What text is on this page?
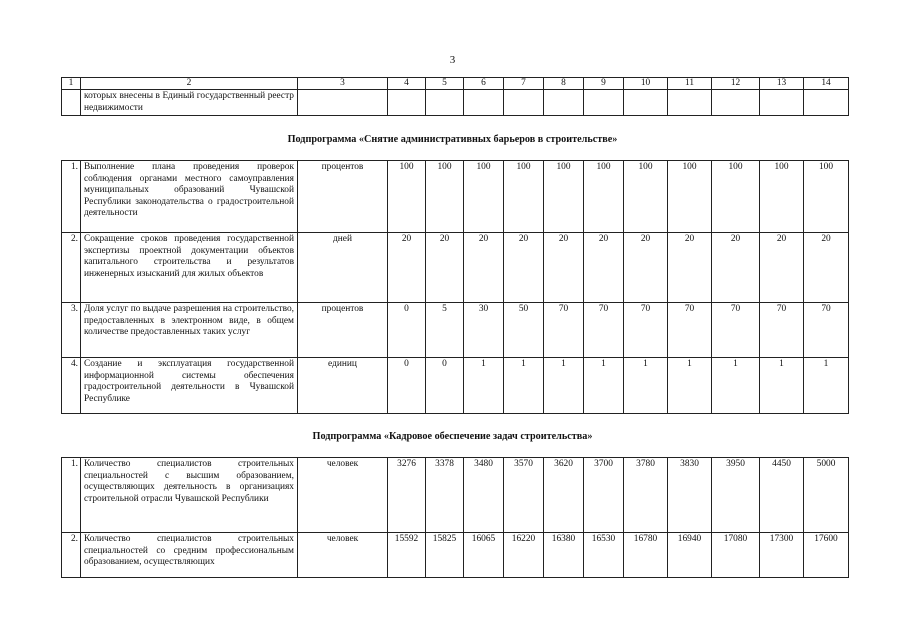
3
1	2	3	4	5	6	7	8	9	10	11	12	13	14
	которых внесены в Единый государственный реестр недвижимости												
Подпрограмма «Снятие административных барьеров в строительстве»
1.	Выполнение плана проведения проверок соблюдения органами местного самоуправления муниципальных образований Чувашской Республики законодательства о градостроительной деятельности	процентов	100	100	100	100	100	100	100	100	100	100	100
2.	Сокращение сроков проведения государственной экспертизы проектной документации объектов капитального строительства и результатов инженерных изысканий для жилых объектов	дней	20	20	20	20	20	20	20	20	20	20	20
3.	Доля услуг по выдаче разрешения на строительство, предоставленных в электронном виде, в общем количестве предоставленных таких услуг	процентов	0	5	30	50	70	70	70	70	70	70	70
4.	Создание и эксплуатация государственной информационной системы обеспечения градостроительной деятельности в Чувашской Республике	единиц	0	0	1	1	1	1	1	1	1	1	1
Подпрограмма «Кадровое обеспечение задач строительства»
1.	Количество специалистов строительных специальностей с высшим образованием, осуществляющих деятельность в организациях строительной отрасли Чувашской Республики	человек	3276	3378	3480	3570	3620	3700	3780	3830	3950	4450	5000
2.	Количество специалистов строительных специальностей со средним профессиональным образованием, осуществляющих	человек	15592	15825	16065	16220	16380	16530	16780	16940	17080	17300	17600
